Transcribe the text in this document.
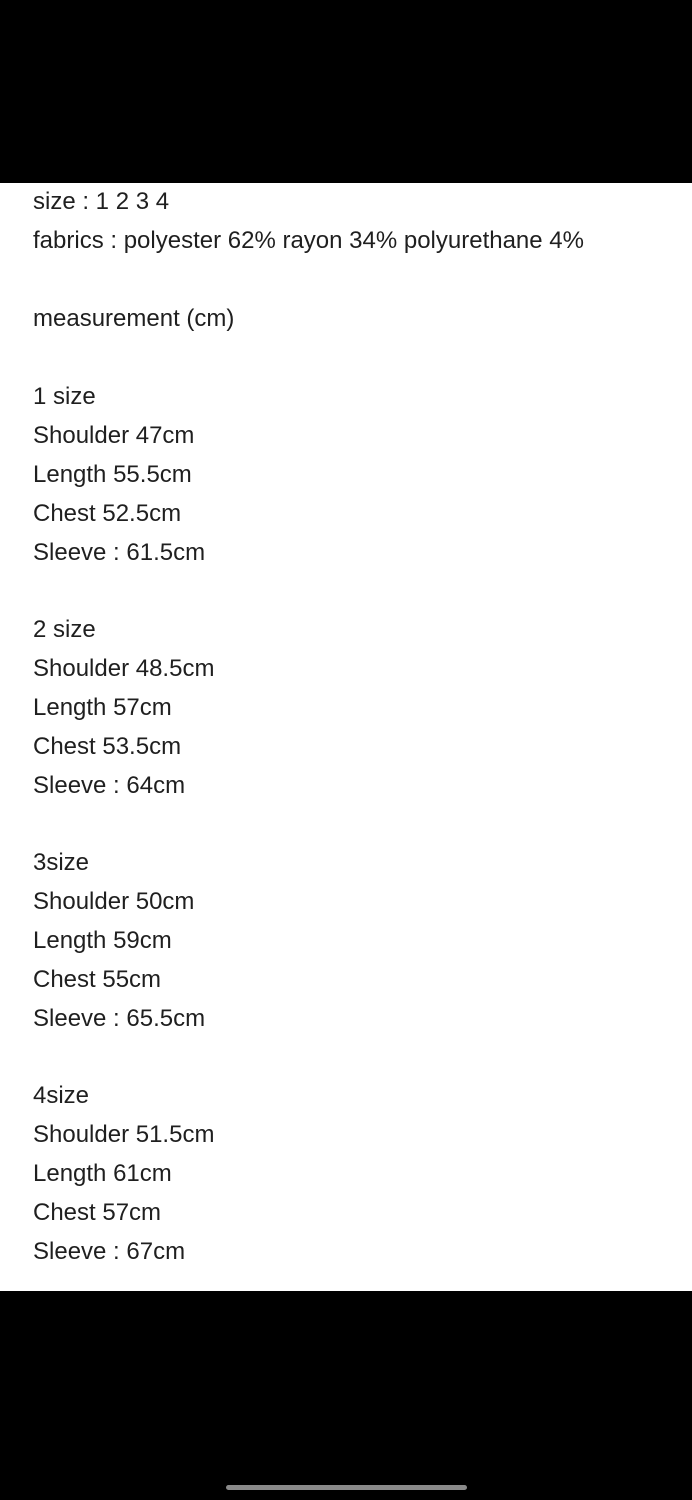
size : 1 2 3 4
fabrics : polyester 62% rayon 34% polyurethane 4%
measurement (cm)
1 size
Shoulder 47cm
Length 55.5cm
Chest 52.5cm
Sleeve : 61.5cm
2 size
Shoulder 48.5cm
Length 57cm
Chest 53.5cm
Sleeve : 64cm
3size
Shoulder 50cm
Length 59cm
Chest 55cm
Sleeve : 65.5cm
4size
Shoulder 51.5cm
Length 61cm
Chest 57cm
Sleeve : 67cm
